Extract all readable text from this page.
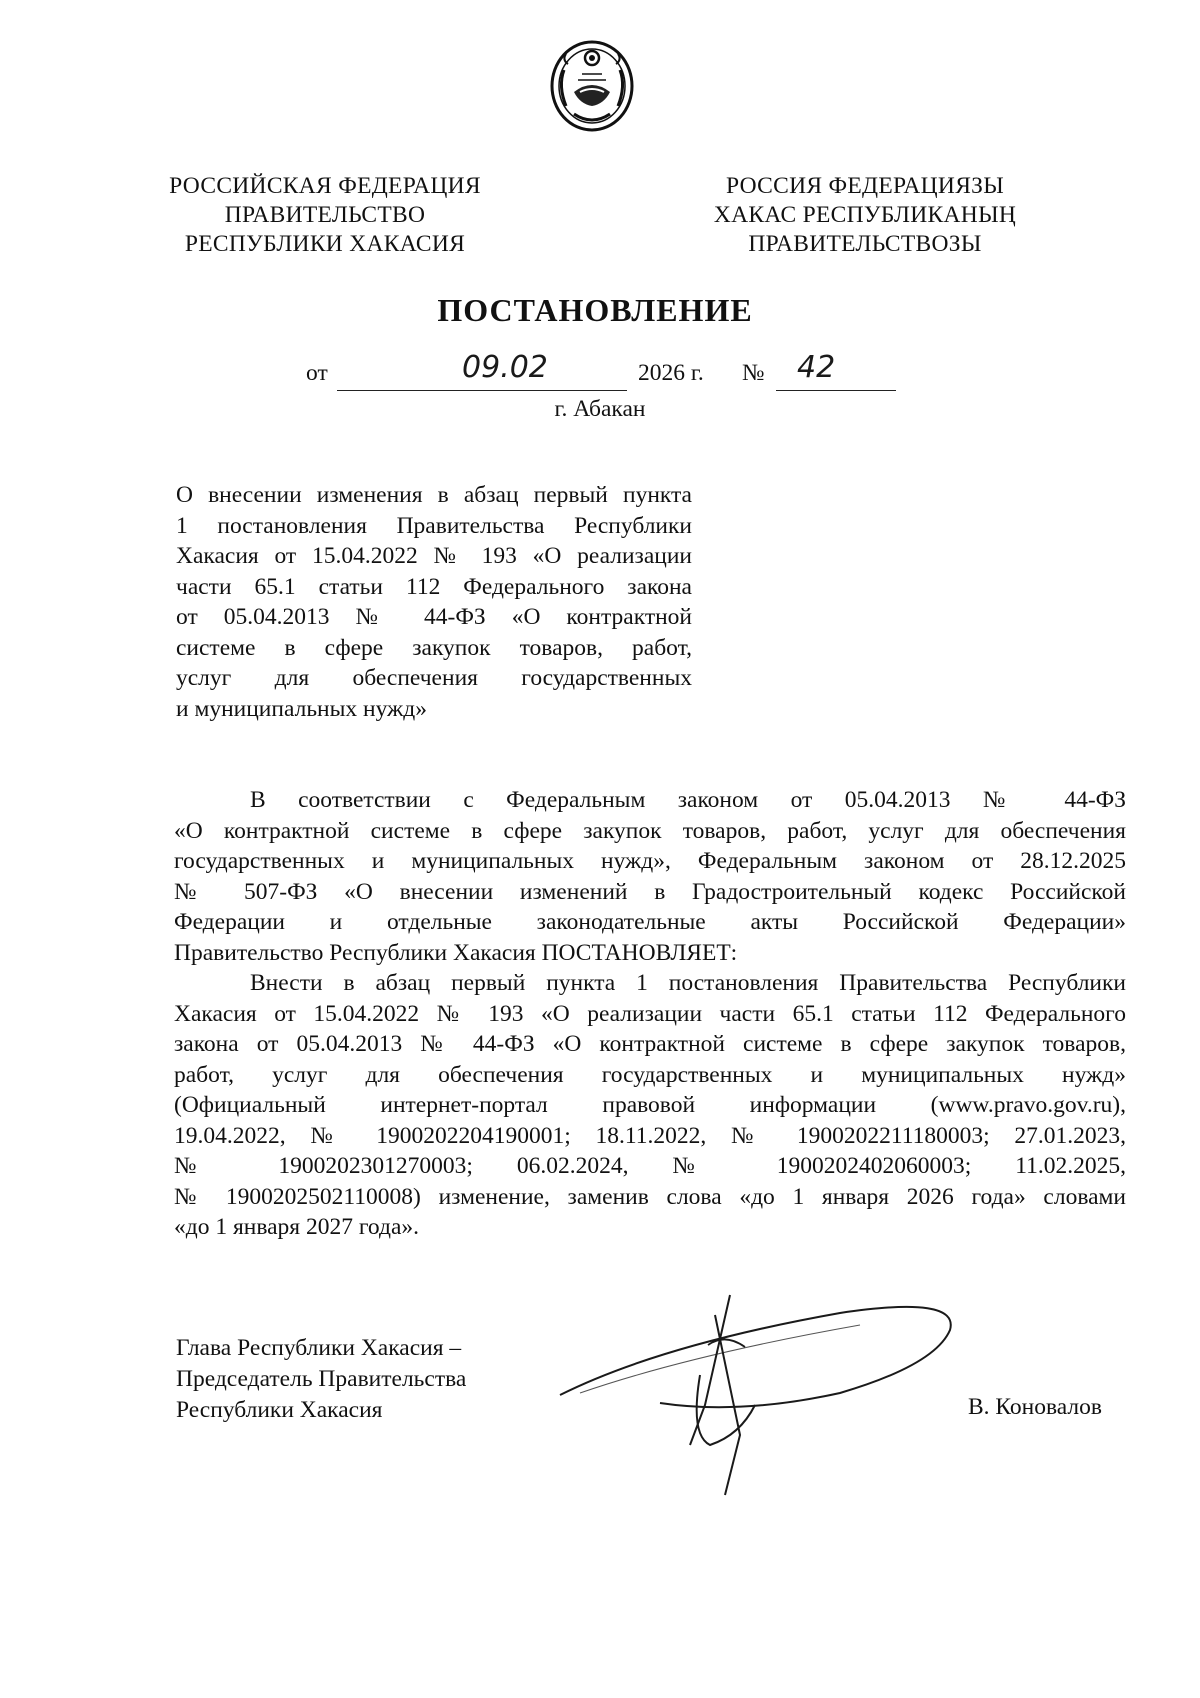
РОССИЙСКАЯ ФЕДЕРАЦИЯ
ПРАВИТЕЛЬСТВО
РЕСПУБЛИКИ ХАКАСИЯ
РОССИЯ ФЕДЕРАЦИЯЗЫ
ХАКАС РЕСПУБЛИКАНЫҢ
ПРАВИТЕЛЬСТВОЗЫ
ПОСТАНОВЛЕНИЕ
от	09.02	2026 г. № 42
г. Абакан
О внесении изменения в абзац первый пункта
1 постановления Правительства Республики
Хакасия от 15.04.2022 № 193 «О реализации
части 65.1 статьи 112 Федерального закона
от 05.04.2013 № 44-ФЗ «О контрактной
системе в сфере закупок товаров, работ,
услуг для обеспечения государственных
и муниципальных нужд»
В соответствии с Федеральным законом от 05.04.2013 № 44-ФЗ
«О контрактной системе в сфере закупок товаров, работ, услуг для обеспечения
государственных и муниципальных нужд», Федеральным законом от 28.12.2025
№ 507-ФЗ «О внесении изменений в Градостроительный кодекс Российской
Федерации и отдельные законодательные акты Российской Федерации»
Правительство Республики Хакасия ПОСТАНОВЛЯЕТ:
Внести в абзац первый пункта 1 постановления Правительства Республики
Хакасия от 15.04.2022 № 193 «О реализации части 65.1 статьи 112 Федерального
закона от 05.04.2013 № 44-ФЗ «О контрактной системе в сфере закупок товаров,
работ, услуг для обеспечения государственных и муниципальных нужд»
(Официальный интернет-портал правовой информации (www.pravo.gov.ru),
19.04.2022, № 1900202204190001; 18.11.2022, № 1900202211180003; 27.01.2023,
№ 1900202301270003; 06.02.2024, № 1900202402060003; 11.02.2025,
№ 1900202502110008) изменение, заменив слова «до 1 января 2026 года» словами
«до 1 января 2027 года».
Глава Республики Хакасия –
Председатель Правительства
Республики Хакасия	В. Коновалов
